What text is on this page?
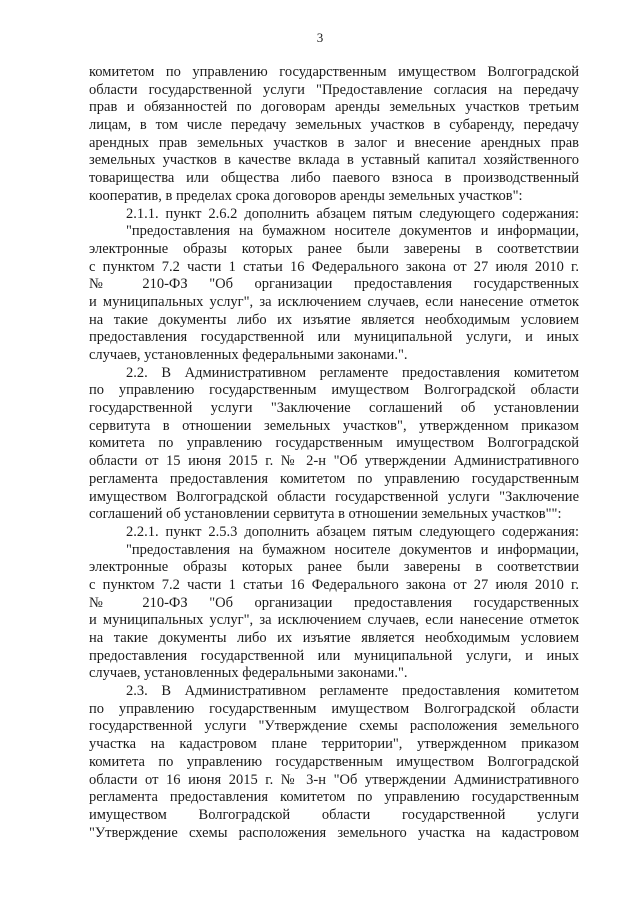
3
комитетом по управлению государственным имуществом Волгоградской
области государственной услуги "Предоставление согласия на передачу
прав и обязанностей по договорам аренды земельных участков третьим
лицам, в том числе передачу земельных участков в субаренду, передачу
арендных прав земельных участков в залог и внесение арендных прав
земельных участков в качестве вклада в уставный капитал хозяйственного
товарищества или общества либо паевого взноса в производственный
кооператив, в пределах срока договоров аренды земельных участков":
2.1.1. пункт 2.6.2 дополнить абзацем пятым следующего содержания:
"предоставления на бумажном носителе документов и информации,
электронные образы которых ранее были заверены в соответствии
с пунктом 7.2 части 1 статьи 16 Федерального закона от 27 июля 2010 г.
№ 210-ФЗ "Об организации предоставления государственных
и муниципальных услуг", за исключением случаев, если нанесение отметок
на такие документы либо их изъятие является необходимым условием
предоставления государственной или муниципальной услуги, и иных
случаев, установленных федеральными законами.".
2.2. В Административном регламенте предоставления комитетом
по управлению государственным имуществом Волгоградской области
государственной услуги "Заключение соглашений об установлении
сервитута в отношении земельных участков", утвержденном приказом
комитета по управлению государственным имуществом Волгоградской
области от 15 июня 2015 г. № 2-н "Об утверждении Административного
регламента предоставления комитетом по управлению государственным
имуществом Волгоградской области государственной услуги "Заключение
соглашений об установлении сервитута в отношении земельных участков"":
2.2.1. пункт 2.5.3 дополнить абзацем пятым следующего содержания:
"предоставления на бумажном носителе документов и информации,
электронные образы которых ранее были заверены в соответствии
с пунктом 7.2 части 1 статьи 16 Федерального закона от 27 июля 2010 г.
№ 210-ФЗ "Об организации предоставления государственных
и муниципальных услуг", за исключением случаев, если нанесение отметок
на такие документы либо их изъятие является необходимым условием
предоставления государственной или муниципальной услуги, и иных
случаев, установленных федеральными законами.".
2.3. В Административном регламенте предоставления комитетом
по управлению государственным имуществом Волгоградской области
государственной услуги "Утверждение схемы расположения земельного
участка на кадастровом плане территории", утвержденном приказом
комитета по управлению государственным имуществом Волгоградской
области от 16 июня 2015 г. № 3-н "Об утверждении Административного
регламента предоставления комитетом по управлению государственным
имуществом Волгоградской области государственной услуги
"Утверждение схемы расположения земельного участка на кадастровом
